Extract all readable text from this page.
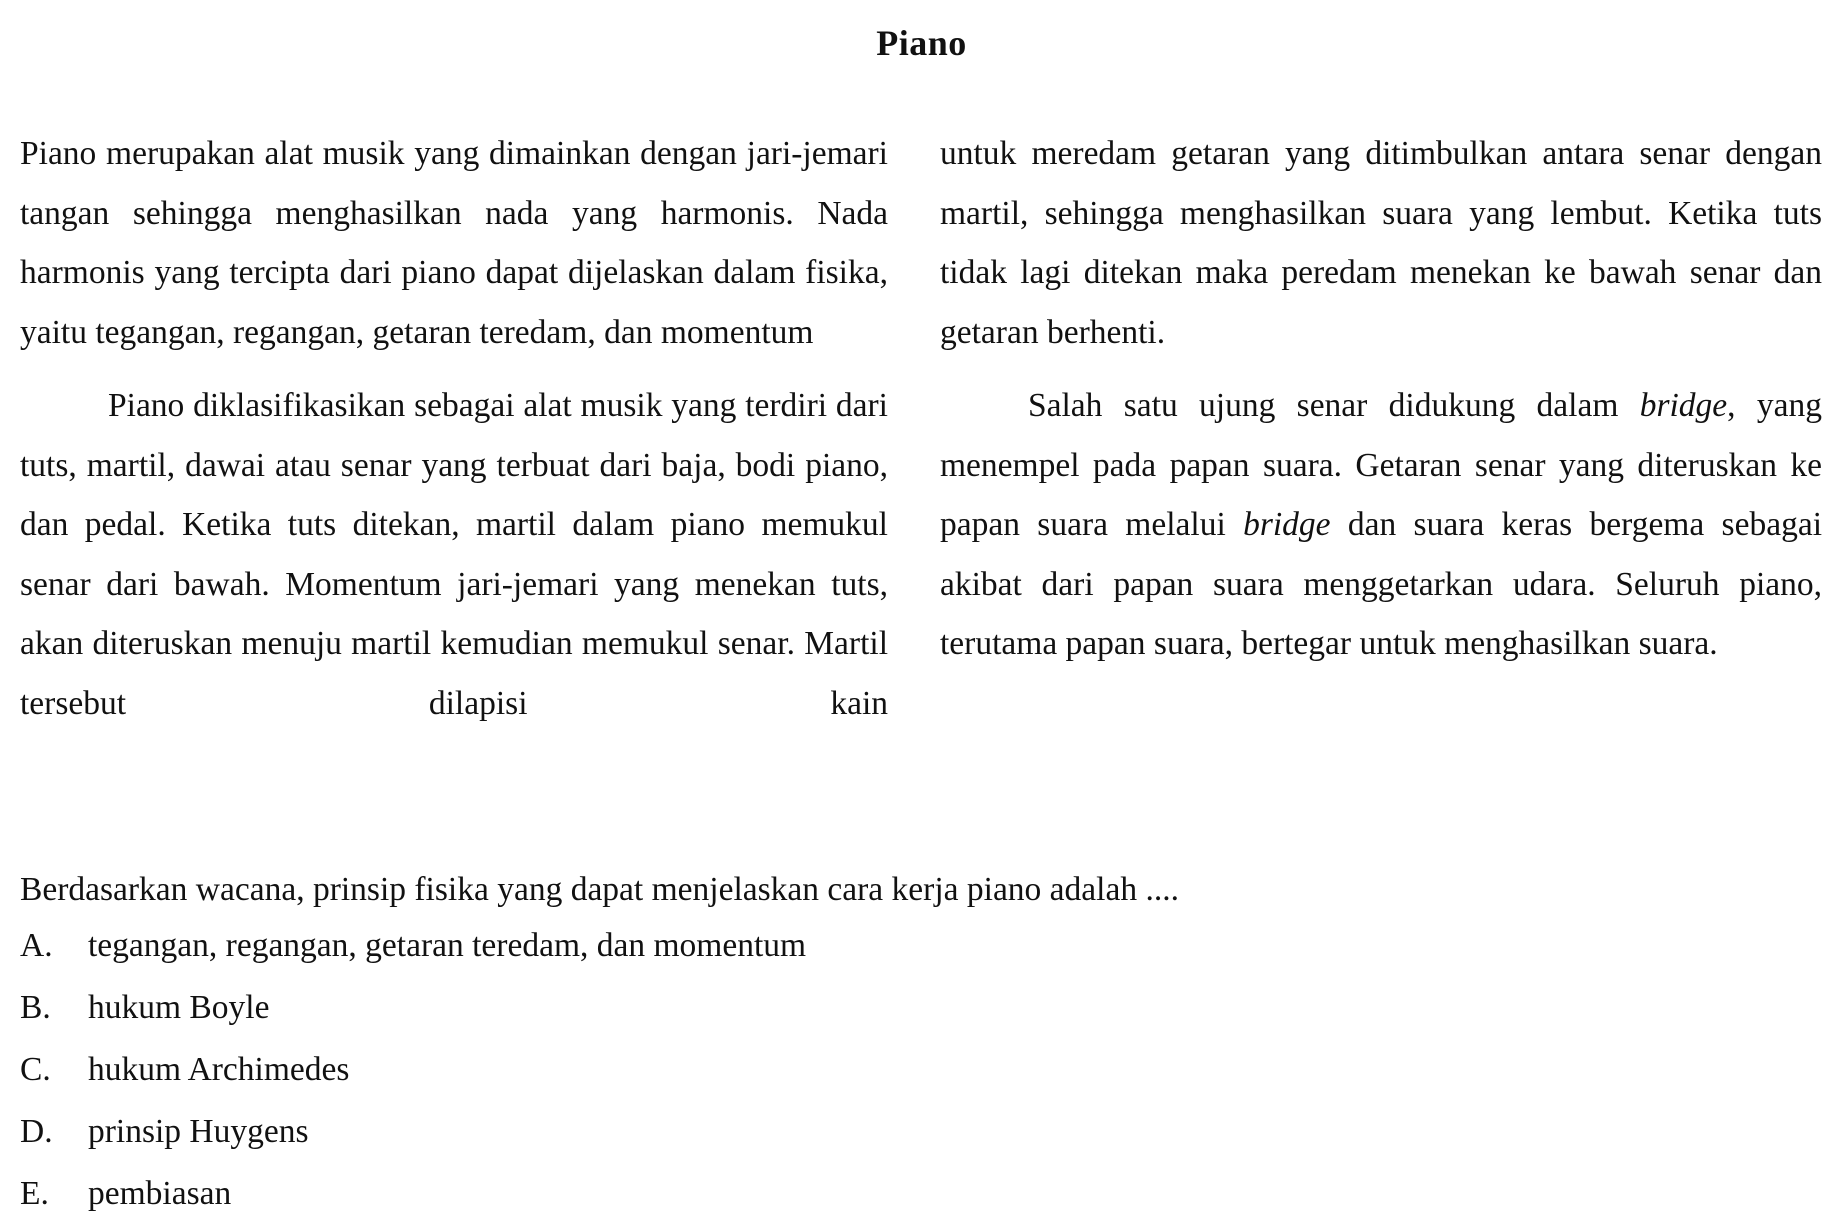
Piano

Piano merupakan alat musik yang dimainkan dengan jari-jemari tangan sehingga menghasilkan nada yang harmonis. Nada harmonis yang tercipta dari piano dapat dijelaskan dalam fisika, yaitu tegangan, regangan, getaran teredam, dan momentum

Piano diklasifikasikan sebagai alat musik yang terdiri dari tuts, martil, dawai atau senar yang terbuat dari baja, bodi piano, dan pedal. Ketika tuts ditekan, martil dalam piano memukul senar dari bawah. Momentum jari-jemari yang menekan tuts, akan diteruskan menuju martil kemudian memukul senar. Martil tersebut dilapisi kain

untuk meredam getaran yang ditimbulkan antara senar dengan martil, sehingga menghasilkan suara yang lembut. Ketika tuts tidak lagi ditekan maka peredam menekan ke bawah senar dan getaran berhenti.

Salah satu ujung senar didukung dalam bridge, yang menempel pada papan suara. Getaran senar yang diteruskan ke papan suara melalui bridge dan suara keras bergema sebagai akibat dari papan suara menggetarkan udara. Seluruh piano, terutama papan suara, bertegar untuk menghasilkan suara.

Berdasarkan wacana, prinsip fisika yang dapat menjelaskan cara kerja piano adalah ....
A.	tegangan, regangan, getaran teredam, dan momentum
B.	hukum Boyle
C.	hukum Archimedes
D.	prinsip Huygens
E.	pembiasan
